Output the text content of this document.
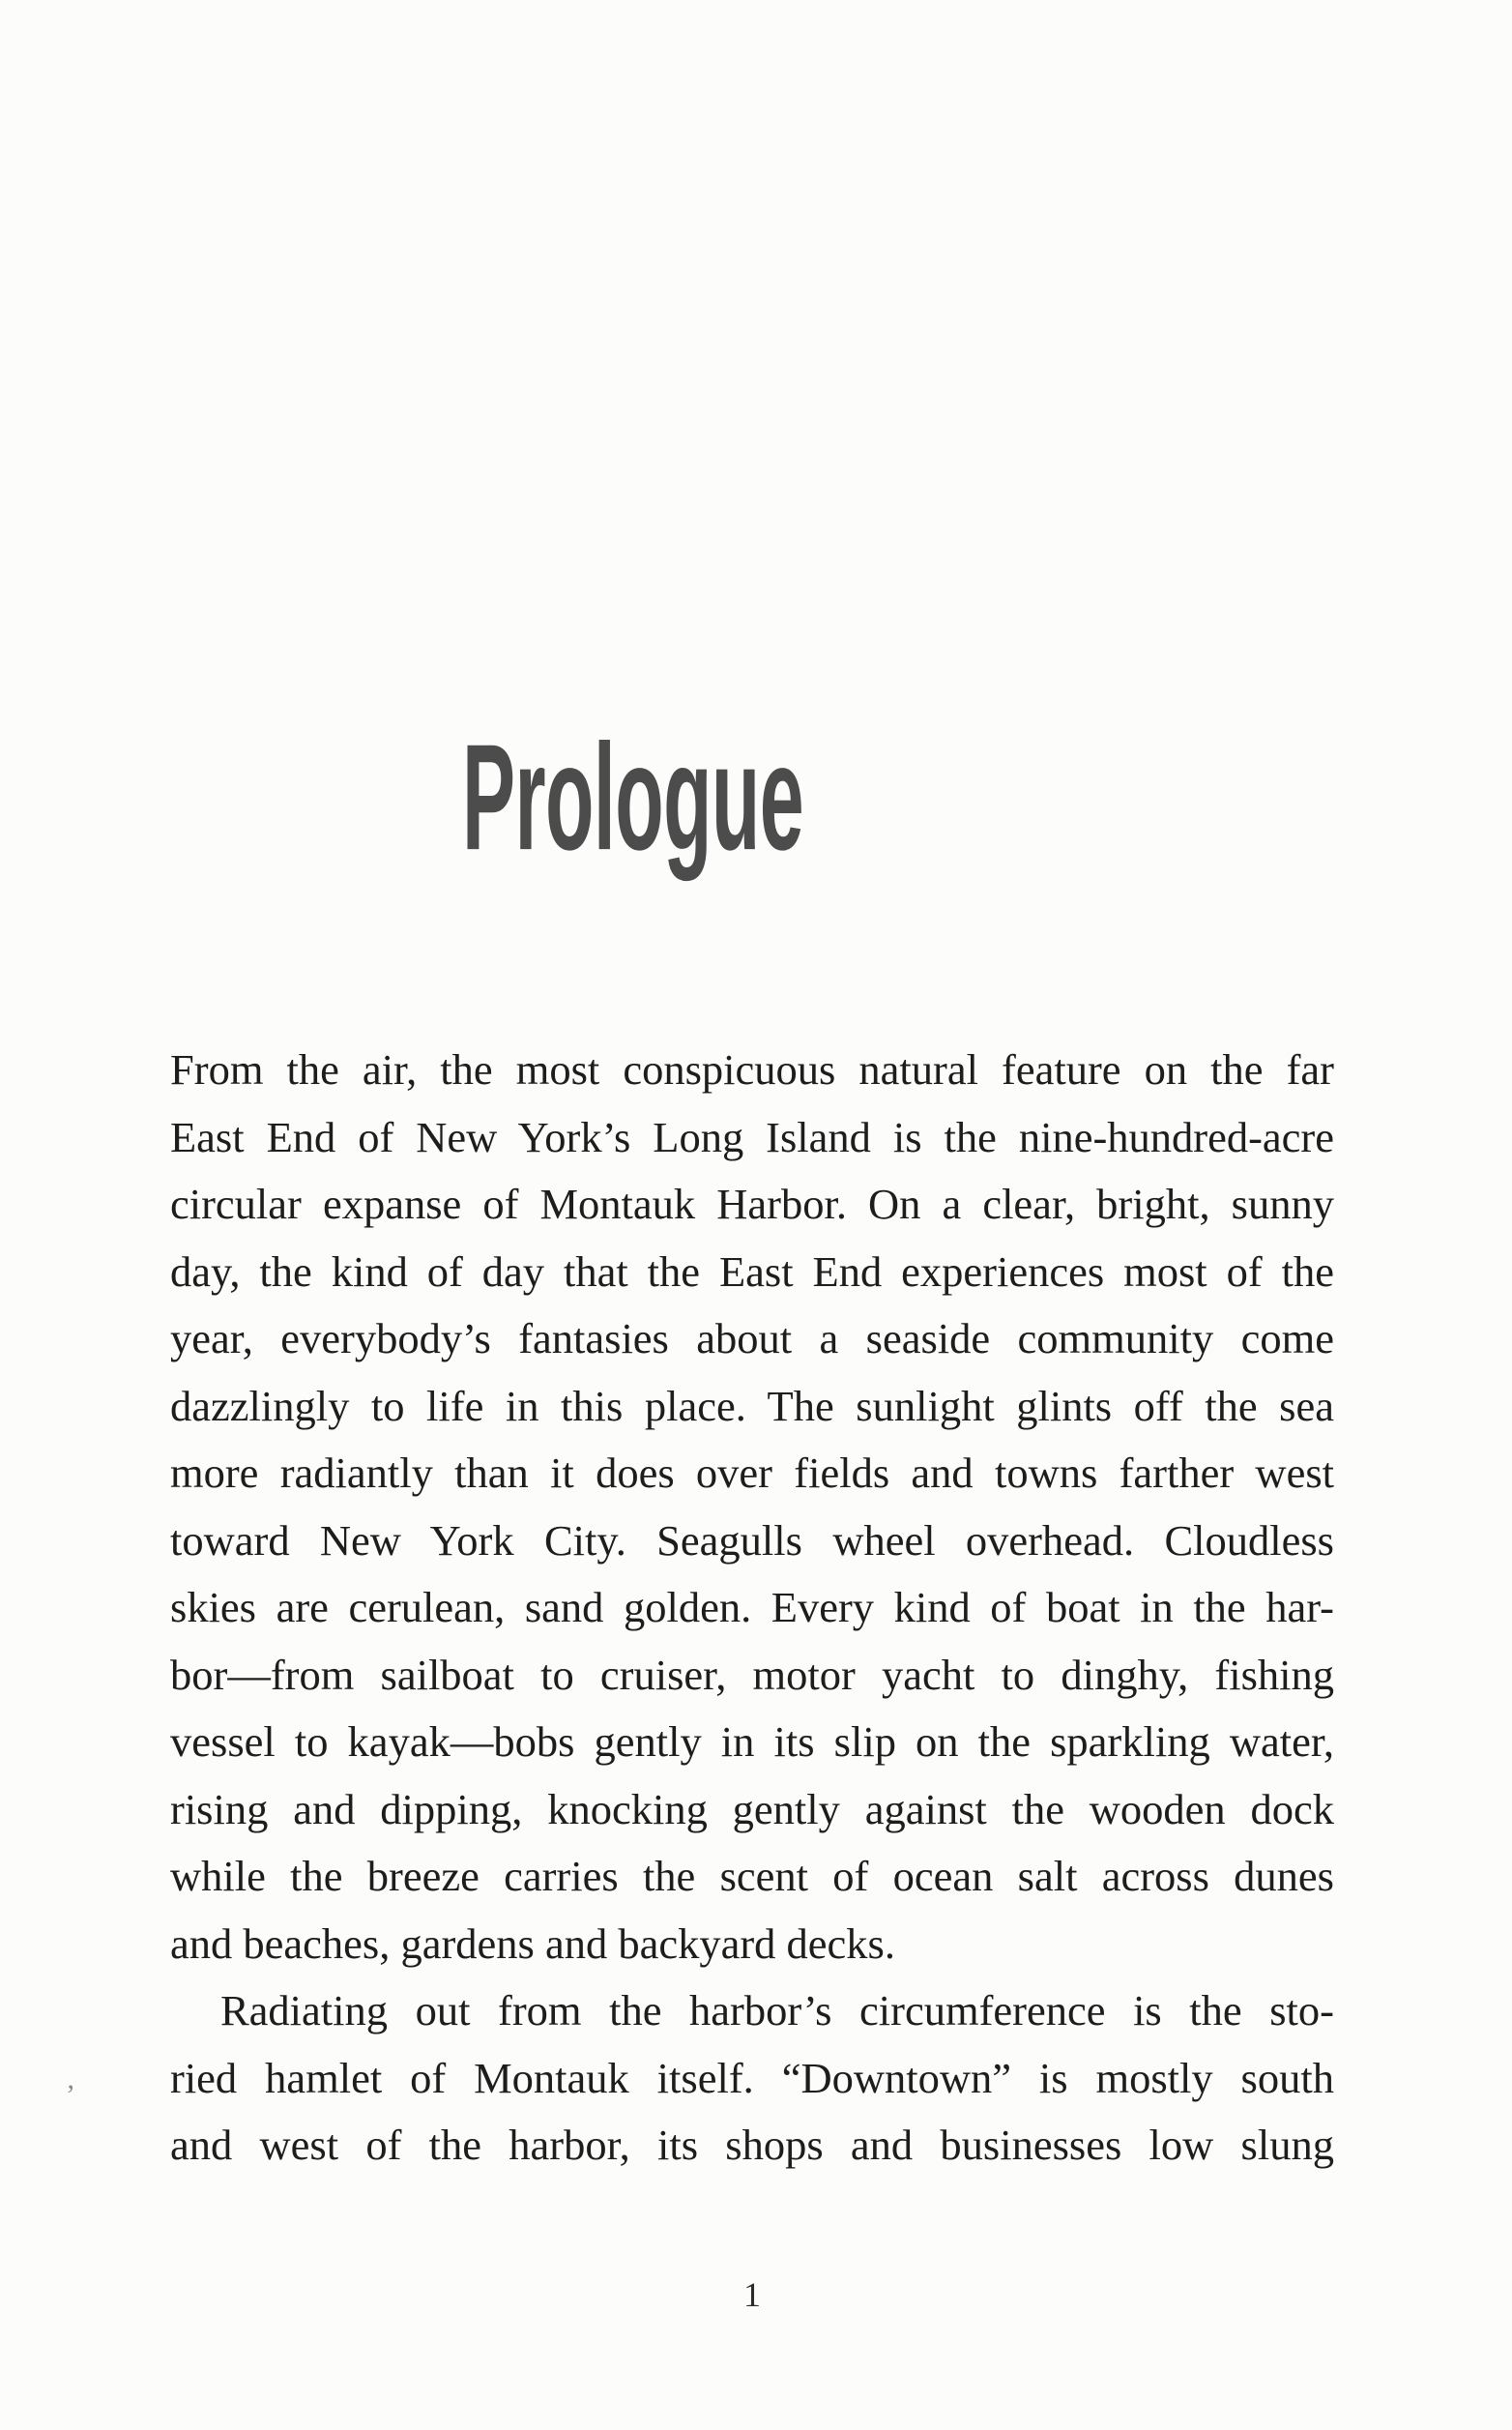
Prologue
From the air, the most conspicuous natural feature on the far
East End of New York’s Long Island is the nine-hundred-acre
circular expanse of Montauk Harbor. On a clear, bright, sunny
day, the kind of day that the East End experiences most of the
year, everybody’s fantasies about a seaside community come
dazzlingly to life in this place. The sunlight glints off the sea
more radiantly than it does over fields and towns farther west
toward New York City. Seagulls wheel overhead. Cloudless
skies are cerulean, sand golden. Every kind of boat in the har-
bor—from sailboat to cruiser, motor yacht to dinghy, fishing
vessel to kayak—bobs gently in its slip on the sparkling water,
rising and dipping, knocking gently against the wooden dock
while the breeze carries the scent of ocean salt across dunes
and beaches, gardens and backyard decks.
Radiating out from the harbor’s circumference is the sto-
ried hamlet of Montauk itself. “Downtown” is mostly south
and west of the harbor, its shops and businesses low slung
’
1
